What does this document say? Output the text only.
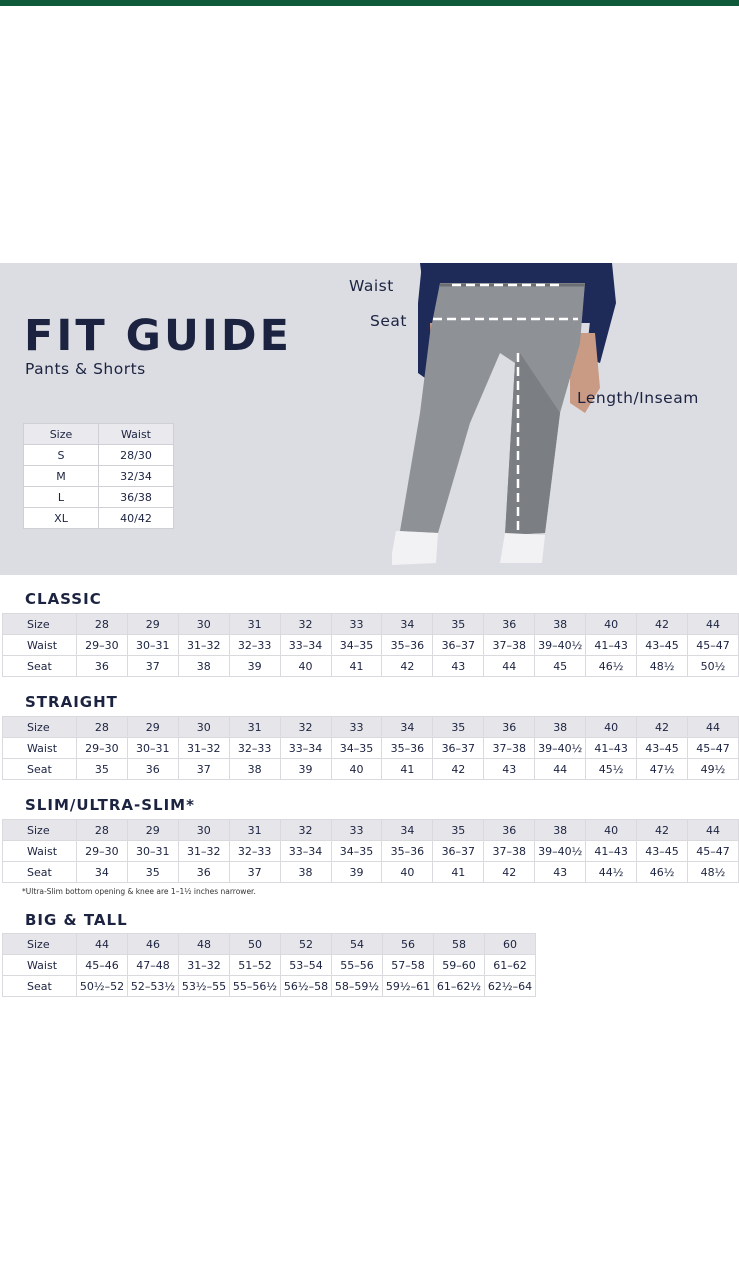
FIT GUIDE
Pants & Shorts
Waist
Seat
Length/Inseam
Size	Waist
S	28/30
M	32/34
L	36/38
XL	40/42
CLASSIC
Size	28	29	30	31	32	33	34	35	36	38	40	42	44
Waist	29–30	30–31	31–32	32–33	33–34	34–35	35–36	36–37	37–38	39–40½	41–43	43–45	45–47
Seat	36	37	38	39	40	41	42	43	44	45	46½	48½	50½
STRAIGHT
Size	28	29	30	31	32	33	34	35	36	38	40	42	44
Waist	29–30	30–31	31–32	32–33	33–34	34–35	35–36	36–37	37–38	39–40½	41–43	43–45	45–47
Seat	35	36	37	38	39	40	41	42	43	44	45½	47½	49½
SLIM/ULTRA-SLIM*
Size	28	29	30	31	32	33	34	35	36	38	40	42	44
Waist	29–30	30–31	31–32	32–33	33–34	34–35	35–36	36–37	37–38	39–40½	41–43	43–45	45–47
Seat	34	35	36	37	38	39	40	41	42	43	44½	46½	48½
*Ultra-Slim bottom opening & knee are 1–1½ inches narrower.
BIG & TALL
Size	44	46	48	50	52	54	56	58	60
Waist	45–46	47–48	31–32	51–52	53–54	55–56	57–58	59–60	61–62
Seat	50½–52	52–53½	53½–55	55–56½	56½–58	58–59½	59½–61	61–62½	62½–64
